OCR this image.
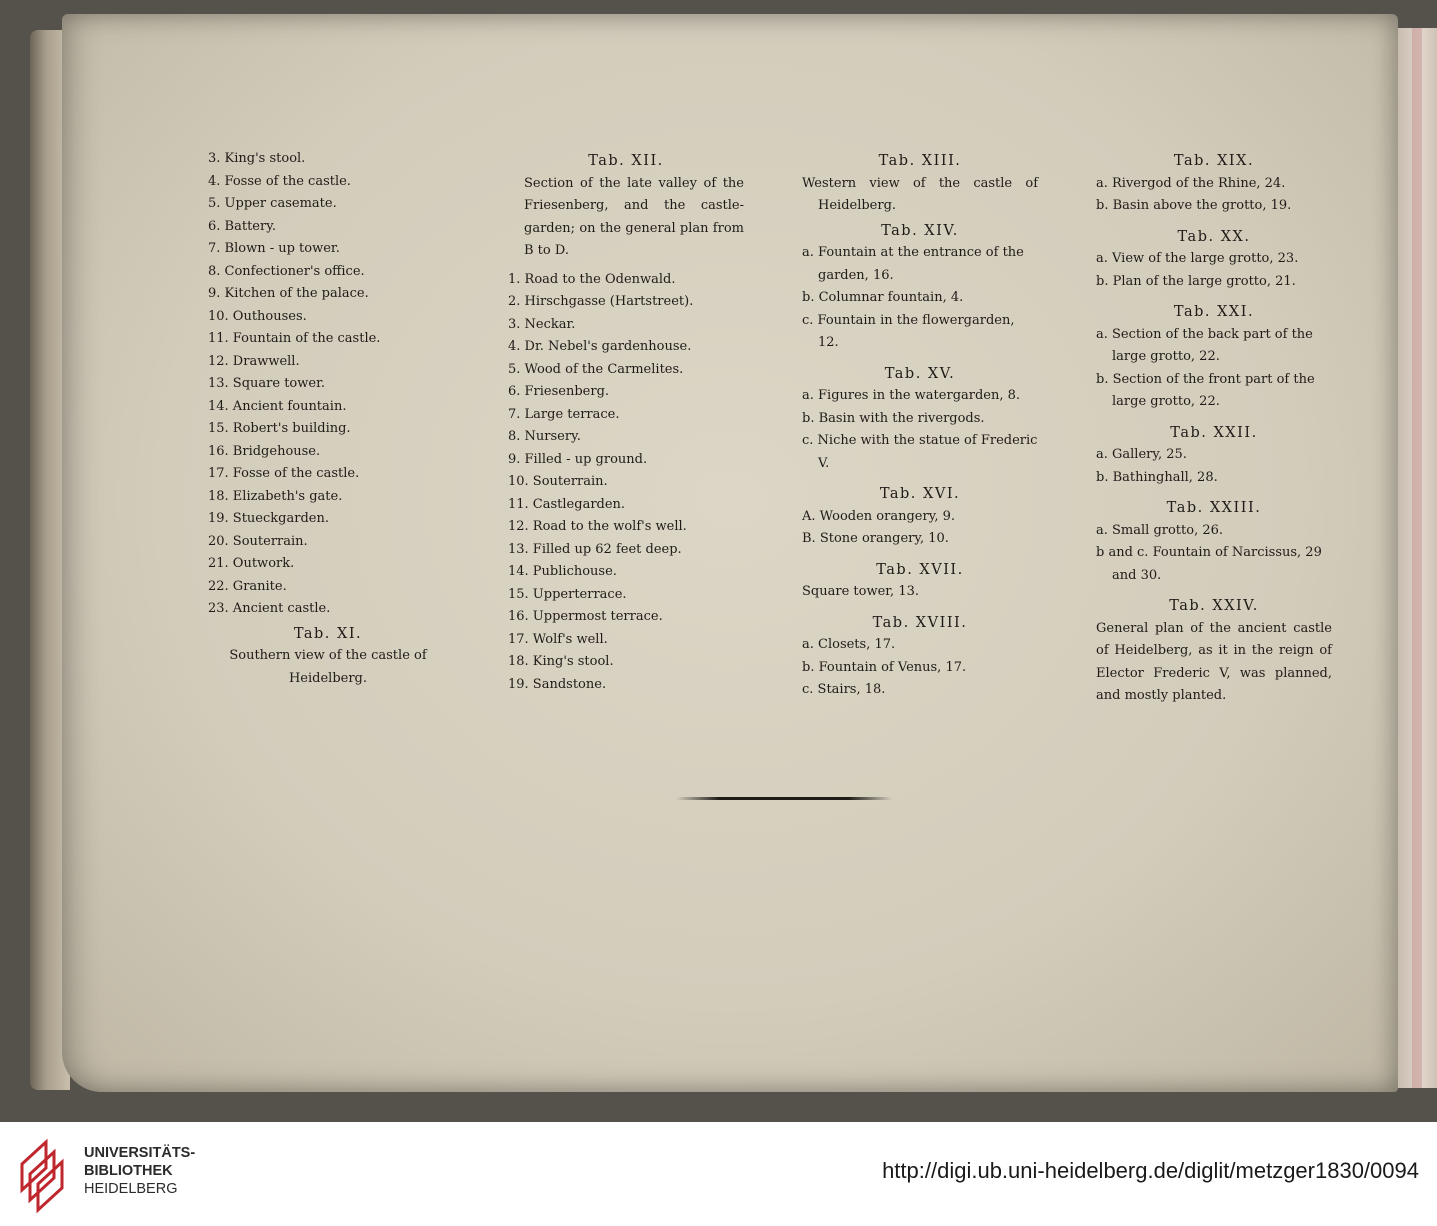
3. King's stool.
4. Fosse of the castle.
5. Upper casemate.
6. Battery.
7. Blown - up tower.
8. Confectioner's office.
9. Kitchen of the palace.
10. Outhouses.
11. Fountain of the castle.
12. Drawwell.
13. Square tower.
14. Ancient fountain.
15. Robert's building.
16. Bridgehouse.
17. Fosse of the castle.
18. Elizabeth's gate.
19. Stueckgarden.
20. Souterrain.
21. Outwork.
22. Granite.
23. Ancient castle.
Tab. XI.
Southern view of the castle of Heidelberg.
Tab. XII.
Section of the late valley of the Friesenberg, and the castle-garden; on the general plan from B to D.
1. Road to the Odenwald.
2. Hirschgasse (Hartstreet).
3. Neckar.
4. Dr. Nebel's gardenhouse.
5. Wood of the Carmelites.
6. Friesenberg.
7. Large terrace.
8. Nursery.
9. Filled - up ground.
10. Souterrain.
11. Castlegarden.
12. Road to the wolf's well.
13. Filled up 62 feet deep.
14. Publichouse.
15. Upperterrace.
16. Uppermost terrace.
17. Wolf's well.
18. King's stool.
19. Sandstone.
Tab. XIII.
Western view of the castle of Heidelberg.
Tab. XIV.
a. Fountain at the entrance of the garden, 16.
b. Columnar fountain, 4.
c. Fountain in the flowergarden, 12.
Tab. XV.
a. Figures in the watergarden, 8.
b. Basin with the rivergods.
c. Niche with the statue of Frederic V.
Tab. XVI.
A. Wooden orangery, 9.
B. Stone orangery, 10.
Tab. XVII.
Square tower, 13.
Tab. XVIII.
a. Closets, 17.
b. Fountain of Venus, 17.
c. Stairs, 18.
Tab. XIX.
a. Rivergod of the Rhine, 24.
b. Basin above the grotto, 19.
Tab. XX.
a. View of the large grotto, 23.
b. Plan of the large grotto, 21.
Tab. XXI.
a. Section of the back part of the large grotto, 22.
b. Section of the front part of the large grotto, 22.
Tab. XXII.
a. Gallery, 25.
b. Bathinghall, 28.
Tab. XXIII.
a. Small grotto, 26.
b and c. Fountain of Narcissus, 29 and 30.
Tab. XXIV.
General plan of the ancient castle of Heidelberg, as it in the reign of Elector Frederic V, was planned, and mostly planted.
UNIVERSITÄTS-
BIBLIOTHEK
HEIDELBERG
http://digi.ub.uni-heidelberg.de/diglit/metzger1830/0094
